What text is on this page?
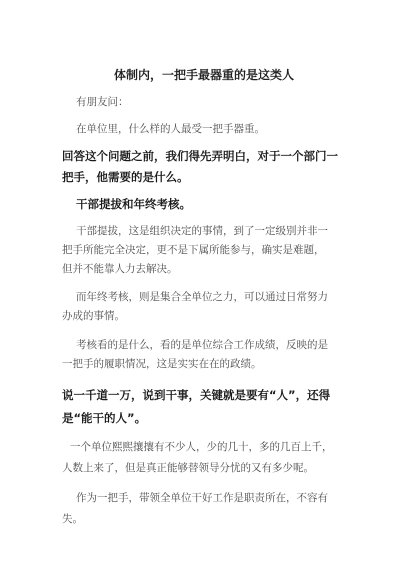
体制内，一把手最器重的是这类人
有朋友问：
在单位里，什么样的人最受一把手器重。
回答这个问题之前，我们得先弄明白，对于一个部门一
把手，他需要的是什么。
干部提拔和年终考核。
干部提拔，这是组织决定的事情，到了一定级别并非一
把手所能完全决定，更不是下属所能参与，确实是难题，
但并不能靠人力去解决。
而年终考核，则是集合全单位之力，可以通过日常努力
办成的事情。
考核看的是什么，看的是单位综合工作成绩，反映的是
一把手的履职情况，这是实实在在的政绩。
说一千道一万，说到干事，关键就是要有“人”，还得
是“能干的人”。
一个单位熙熙攘攘有不少人，少的几十，多的几百上千，
人数上来了，但是真正能够替领导分忧的又有多少呢。
作为一把手，带领全单位干好工作是职责所在，不容有
失。
